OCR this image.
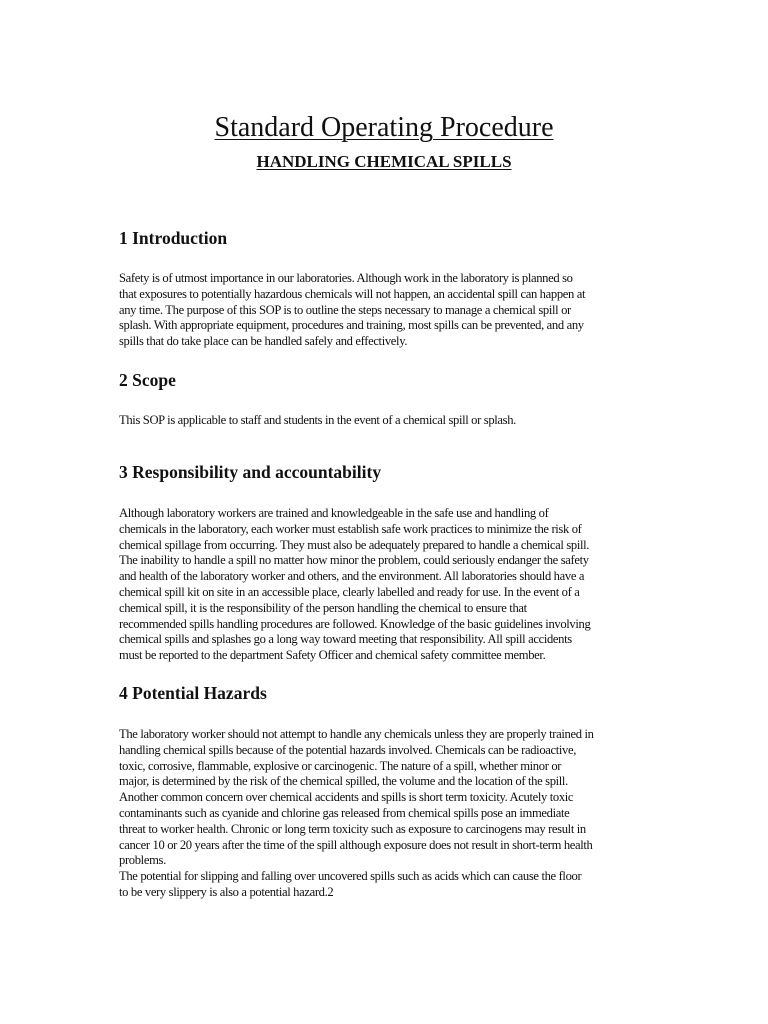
Standard Operating Procedure
HANDLING CHEMICAL SPILLS
1 Introduction
Safety is of utmost importance in our laboratories. Although work in the laboratory is planned so
that exposures to potentially hazardous chemicals will not happen, an accidental spill can happen at
any time. The purpose of this SOP is to outline the steps necessary to manage a chemical spill or
splash. With appropriate equipment, procedures and training, most spills can be prevented, and any
spills that do take place can be handled safely and effectively.
2 Scope
This SOP is applicable to staff and students in the event of a chemical spill or splash.
3 Responsibility and accountability
Although laboratory workers are trained and knowledgeable in the safe use and handling of
chemicals in the laboratory, each worker must establish safe work practices to minimize the risk of
chemical spillage from occurring. They must also be adequately prepared to handle a chemical spill.
The inability to handle a spill no matter how minor the problem, could seriously endanger the safety
and health of the laboratory worker and others, and the environment. All laboratories should have a
chemical spill kit on site in an accessible place, clearly labelled and ready for use. In the event of a
chemical spill, it is the responsibility of the person handling the chemical to ensure that
recommended spills handling procedures are followed. Knowledge of the basic guidelines involving
chemical spills and splashes go a long way toward meeting that responsibility. All spill accidents
must be reported to the department Safety Officer and chemical safety committee member.
4 Potential Hazards
The laboratory worker should not attempt to handle any chemicals unless they are properly trained in
handling chemical spills because of the potential hazards involved. Chemicals can be radioactive,
toxic, corrosive, flammable, explosive or carcinogenic. The nature of a spill, whether minor or
major, is determined by the risk of the chemical spilled, the volume and the location of the spill.
Another common concern over chemical accidents and spills is short term toxicity. Acutely toxic
contaminants such as cyanide and chlorine gas released from chemical spills pose an immediate
threat to worker health. Chronic or long term toxicity such as exposure to carcinogens may result in
cancer 10 or 20 years after the time of the spill although exposure does not result in short-term health
problems.
The potential for slipping and falling over uncovered spills such as acids which can cause the floor
to be very slippery is also a potential hazard.2
